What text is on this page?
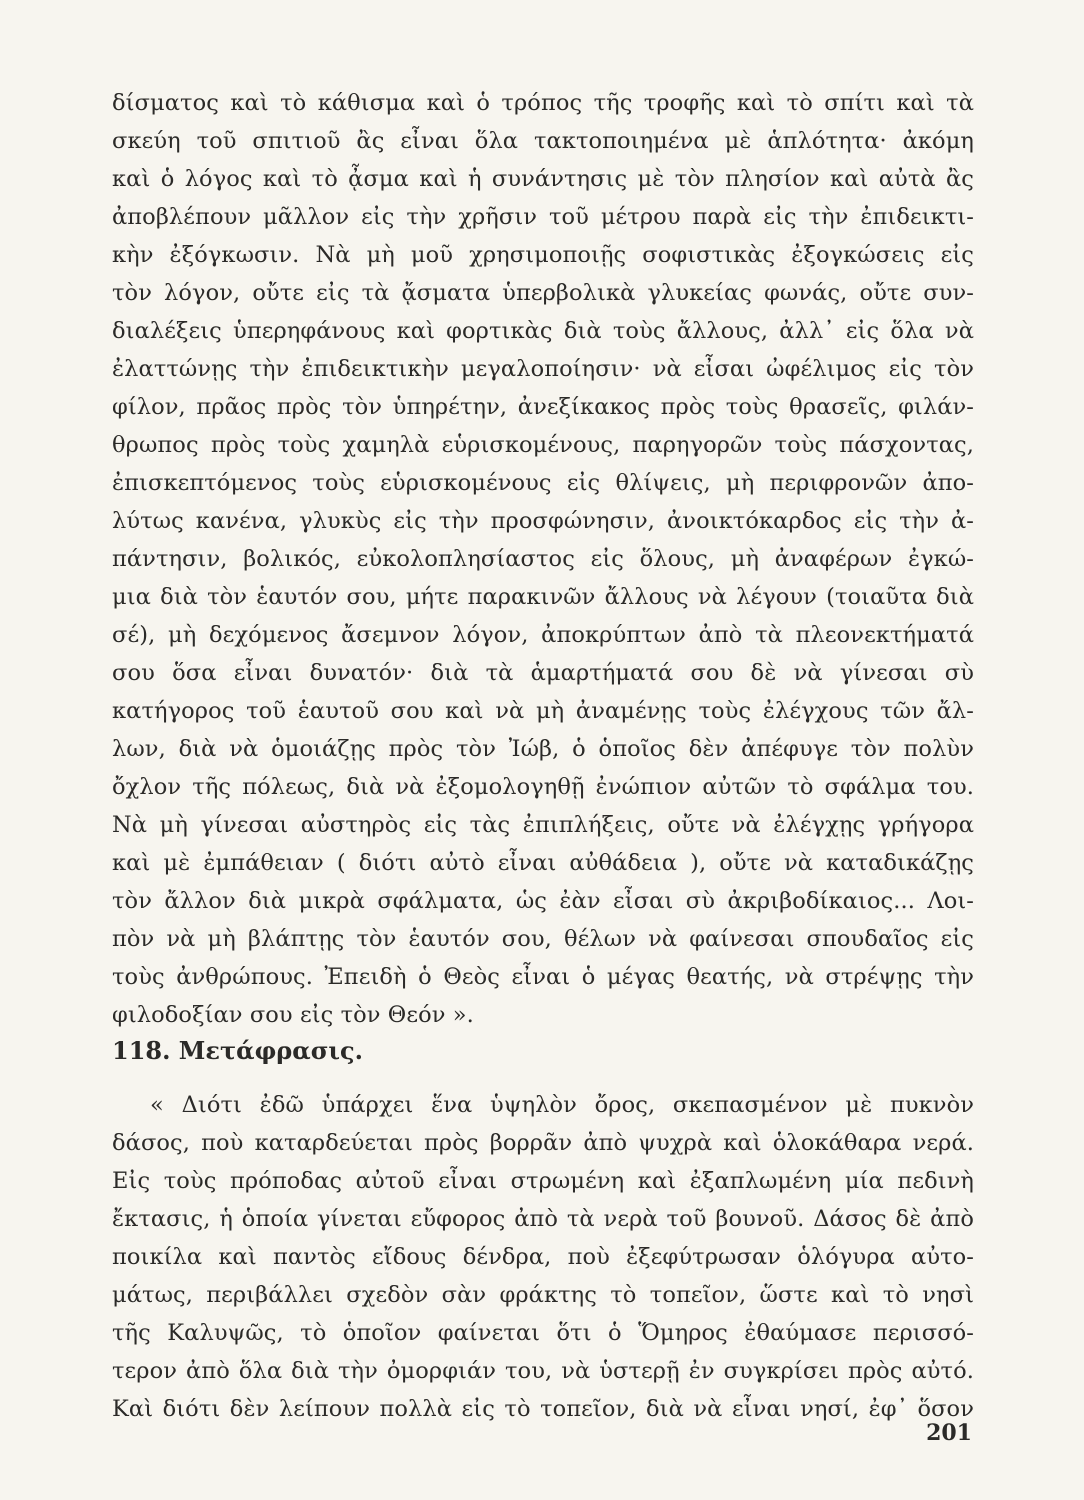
δίσματος καὶ τὸ κάθισμα καὶ ὁ τρόπος τῆς τροφῆς καὶ τὸ σπίτι καὶ τὰ
σκεύη τοῦ σπιτιοῦ ἂς εἶναι ὅλα τακτοποιημένα μὲ ἁπλότητα· ἀκόμη
καὶ ὁ λόγος καὶ τὸ ᾆσμα καὶ ἡ συνάντησις μὲ τὸν πλησίον καὶ αὐτὰ ἂς
ἀποβλέπουν μᾶλλον εἰς τὴν χρῆσιν τοῦ μέτρου παρὰ εἰς τὴν ἐπιδεικτι-
κὴν ἐξόγκωσιν. Νὰ μὴ μοῦ χρησιμοποιῇς σοφιστικὰς ἐξογκώσεις εἰς
τὸν λόγον, οὔτε εἰς τὰ ᾄσματα ὑπερβολικὰ γλυκείας φωνάς, οὔτε συν-
διαλέξεις ὑπερηφάνους καὶ φορτικὰς διὰ τοὺς ἄλλους, ἀλλ᾿ εἰς ὅλα νὰ
ἐλαττώνῃς τὴν ἐπιδεικτικὴν μεγαλοποίησιν· νὰ εἶσαι ὠφέλιμος εἰς τὸν
φίλον, πρᾶος πρὸς τὸν ὑπηρέτην, ἀνεξίκακος πρὸς τοὺς θρασεῖς, φιλάν-
θρωπος πρὸς τοὺς χαμηλὰ εὑρισκομένους, παρηγορῶν τοὺς πάσχοντας,
ἐπισκεπτόμενος τοὺς εὑρισκομένους εἰς θλίψεις, μὴ περιφρονῶν ἀπο-
λύτως κανένα, γλυκὺς εἰς τὴν προσφώνησιν, ἀνοικτόκαρδος εἰς τὴν ἀ-
πάντησιν, βολικός, εὐκολοπλησίαστος εἰς ὅλους, μὴ ἀναφέρων ἐγκώ-
μια διὰ τὸν ἑαυτόν σου, μήτε παρακινῶν ἄλλους νὰ λέγουν (τοιαῦτα διὰ
σέ), μὴ δεχόμενος ἄσεμνον λόγον, ἀποκρύπτων ἀπὸ τὰ πλεονεκτήματά
σου ὅσα εἶναι δυνατόν· διὰ τὰ ἁμαρτήματά σου δὲ νὰ γίνεσαι σὺ
κατήγορος τοῦ ἑαυτοῦ σου καὶ νὰ μὴ ἀναμένῃς τοὺς ἐλέγχους τῶν ἄλ-
λων, διὰ νὰ ὁμοιάζῃς πρὸς τὸν Ἰώβ, ὁ ὁποῖος δὲν ἀπέφυγε τὸν πολὺν
ὄχλον τῆς πόλεως, διὰ νὰ ἐξομολογηθῇ ἐνώπιον αὐτῶν τὸ σφάλμα του.
Νὰ μὴ γίνεσαι αὐστηρὸς εἰς τὰς ἐπιπλήξεις, οὔτε νὰ ἐλέγχῃς γρήγορα
καὶ μὲ ἐμπάθειαν ( διότι αὐτὸ εἶναι αὐθάδεια ), οὔτε νὰ καταδικάζῃς
τὸν ἄλλον διὰ μικρὰ σφάλματα, ὡς ἐὰν εἶσαι σὺ ἀκριβοδίκαιος... Λοι-
πὸν νὰ μὴ βλάπτῃς τὸν ἑαυτόν σου, θέλων νὰ φαίνεσαι σπουδαῖος εἰς
τοὺς ἀνθρώπους. Ἐπειδὴ ὁ Θεὸς εἶναι ὁ μέγας θεατής, νὰ στρέψῃς τὴν
φιλοδοξίαν σου εἰς τὸν Θεόν ».
118. Μετάφρασις.
« Διότι ἐδῶ ὑπάρχει ἕνα ὑψηλὸν ὄρος, σκεπασμένον μὲ πυκνὸν
δάσος, ποὺ καταρδεύεται πρὸς βορρᾶν ἀπὸ ψυχρὰ καὶ ὁλοκάθαρα νερά.
Εἰς τοὺς πρόποδας αὐτοῦ εἶναι στρωμένη καὶ ἐξαπλωμένη μία πεδινὴ
ἔκτασις, ἡ ὁποία γίνεται εὔφορος ἀπὸ τὰ νερὰ τοῦ βουνοῦ. Δάσος δὲ ἀπὸ
ποικίλα καὶ παντὸς εἴδους δένδρα, ποὺ ἐξεφύτρωσαν ὁλόγυρα αὐτο-
μάτως, περιβάλλει σχεδὸν σὰν φράκτης τὸ τοπεῖον, ὥστε καὶ τὸ νησὶ
τῆς Καλυψῶς, τὸ ὁποῖον φαίνεται ὅτι ὁ Ὅμηρος ἐθαύμασε περισσό-
τερον ἀπὸ ὅλα διὰ τὴν ὀμορφιάν του, νὰ ὑστερῇ ἐν συγκρίσει πρὸς αὐτό.
Καὶ διότι δὲν λείπουν πολλὰ εἰς τὸ τοπεῖον, διὰ νὰ εἶναι νησί, ἐφ᾿ ὅσον
201
